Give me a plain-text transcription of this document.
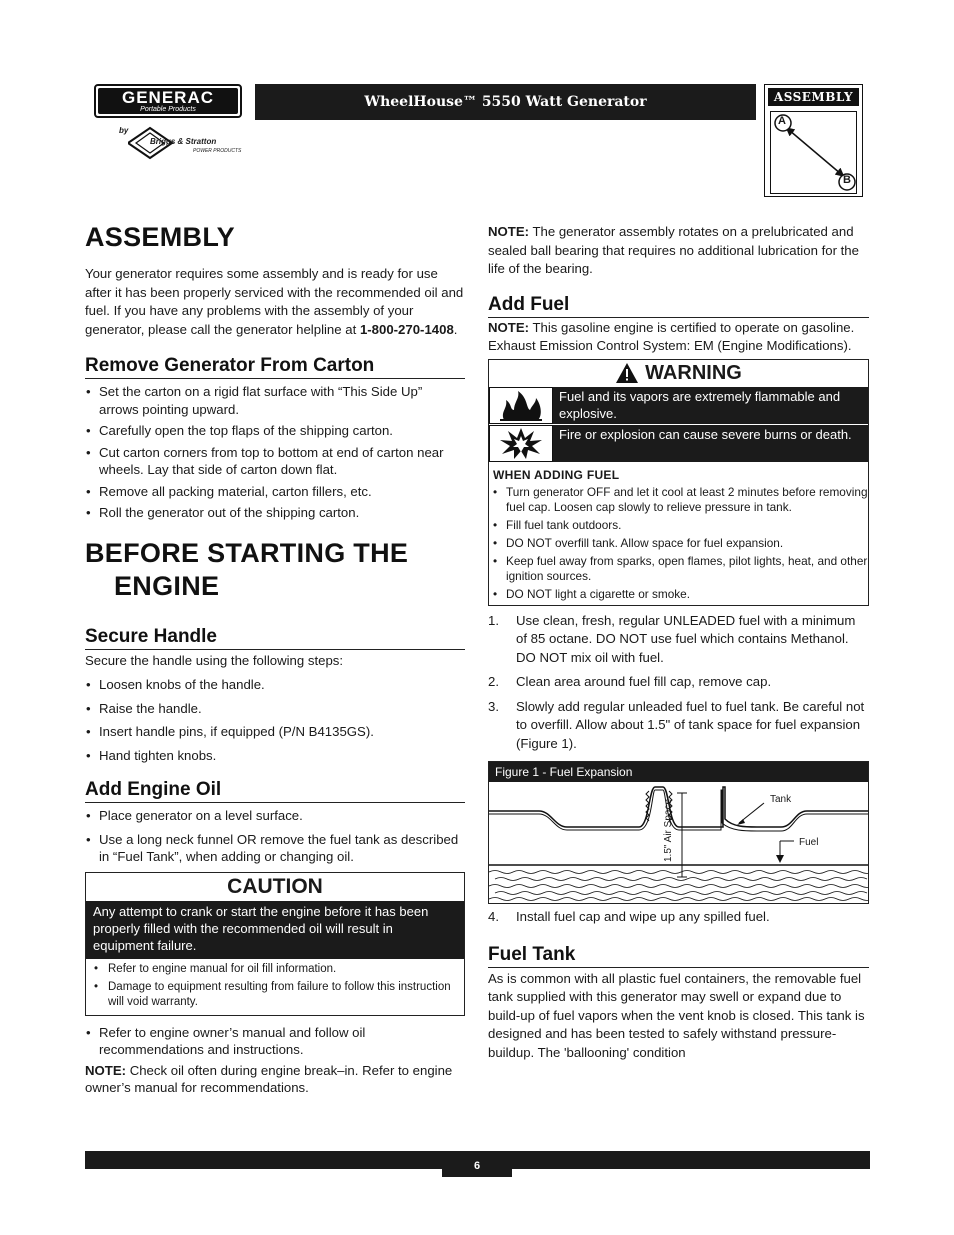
GENERAC
Portable Products
by
Briggs & Stratton
POWER PRODUCTS
WheelHouse™ 5550 Watt Generator	ASSEMBLY
A
B
ASSEMBLY

Your generator requires some assembly and is ready for use after it has been properly serviced with the recommended oil and fuel. If you have any problems with the assembly of your generator, please call the generator helpline at 1-800-270-1408.

Remove Generator From Carton
• Set the carton on a rigid flat surface with “This Side Up” arrows pointing upward.
• Carefully open the top flaps of the shipping carton.
• Cut carton corners from top to bottom at end of carton near wheels. Lay that side of carton down flat.
• Remove all packing material, carton fillers, etc.
• Roll the generator out of the shipping carton.
BEFORE STARTING THE
ENGINE
Secure Handle

Secure the handle using the following steps:

• Loosen knobs of the handle.
• Raise the handle.
• Insert handle pins, if equipped (P/N B4135GS).
• Hand tighten knobs.
Add Engine Oil
• Place generator on a level surface.
• Use a long neck funnel OR remove the fuel tank as described in “Fuel Tank”, when adding or changing oil.
CAUTION
Any attempt to crank or start the engine before it has been properly filled with the recommended oil will result in equipment failure.
• Refer to engine manual for oil fill information.
• Damage to equipment resulting from failure to follow this instruction will void warranty.
• Refer to engine owner’s manual and follow oil recommendations and instructions.

NOTE: Check oil often during engine break–in. Refer to engine owner’s manual for recommendations.

NOTE: The generator assembly rotates on a prelubricated and sealed ball bearing that requires no additional lubrication for the life of the bearing.

Add Fuel

NOTE: This gasoline engine is certified to operate on gasoline. Exhaust Emission Control System: EM (Engine Modifications).

WARNING
Fuel and its vapors are extremely flammable and explosive.
Fire or explosion can cause severe burns or death.
WHEN ADDING FUEL
• Turn generator OFF and let it cool at least 2 minutes before removing fuel cap. Loosen cap slowly to relieve pressure in tank.
• Fill fuel tank outdoors.
• DO NOT overfill tank. Allow space for fuel expansion.
• Keep fuel away from sparks, open flames, pilot lights, heat, and other ignition sources.
• DO NOT light a cigarette or smoke.
1. Use clean, fresh, regular UNLEADED fuel with a minimum of 85 octane. DO NOT use fuel which contains Methanol. DO NOT mix oil with fuel.
2. Clean area around fuel fill cap, remove cap.
3. Slowly add regular unleaded fuel to fuel tank. Be careful not to overfill. Allow about 1.5" of tank space for fuel expansion (Figure 1).
Figure 1 - Fuel Expansion
Tank
Fuel
1.5" Air Space
4. Install fuel cap and wipe up any spilled fuel.
Fuel Tank

As is common with all plastic fuel containers, the removable fuel tank supplied with this generator may swell or expand due to build-up of fuel vapors when the vent knob is closed. This tank is designed and has been tested to safely withstand pressure-buildup. The 'ballooning' condition

6
